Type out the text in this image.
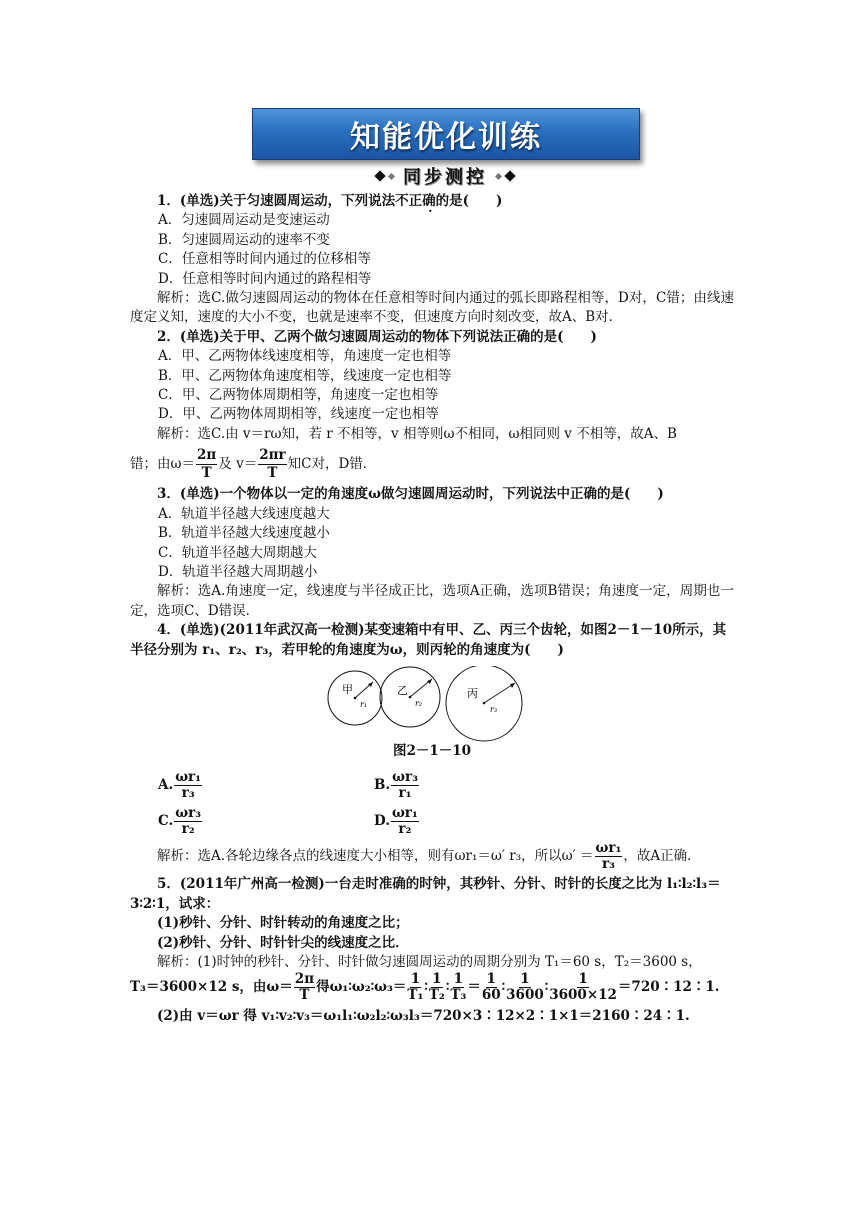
知能优化训练
同步测控

1．(单选)关于匀速圆周运动，下列说法不 ·正确的是(　　)

A．匀速圆周运动是变速运动

B．匀速圆周运动的速率不变

C．任意相等时间内通过的位移相等

D．任意相等时间内通过的路程相等

解析：选C.做匀速圆周运动的物体在任意相等时间内通过的弧长即路程相等，D对，C错；由线速度定义知，速度的大小不变，也就是速率不变，但速度方向时刻改变，故A、B对．

2．(单选)关于甲、乙两个做匀速圆周运动的物体下列说法正确的是(　　)

A．甲、乙两物体线速度相等，角速度一定也相等

B．甲、乙两物体角速度相等，线速度一定也相等

C．甲、乙两物体周期相等，角速度一定也相等

D．甲、乙两物体周期相等，线速度一定也相等

解析：选C.由 v＝rω知，若 r 不相等，v 相等则ω不相同，ω相同则 v 不相等，故A、B

错；由$\omega= \frac{2\pi}{T}$ 及 $v= \frac{2\pi r}{T}$ 知C对，D错．

3．(单选)一个物体以一定的角速度ω做匀速圆周运动时，下列说法中正确的是(　　)

A．轨道半径越大线速度越大

B．轨道半径越大线速度越小

C．轨道半径越大周期越大

D．轨道半径越大周期越小

解析：选A.角速度一定，线速度与半径成正比，选项A正确，选项B错误；角速度一定，周期也一定，选项C、D错误．

4．(单选)(2011年武汉高一检测)某变速箱中有甲、乙、丙三个齿轮，如图2－1－10所示，其半径分别为 r₁、r₂、r₃，若甲轮的角速度为ω，则丙轮的角速度为(　　)

甲
r₁
乙
r₂
丙
r₃

图2－1－10

A. $\frac{\text{ωr₁}}{\text{r₃}}$	B. $\frac{\text{ωr₃}}{\text{r₁}}$
C. $\frac{\text{ωr₃}}{\text{r₂}}$	D. $\frac{\text{ωr₁}}{\text{r₂}}$

解析：选A.各轮边缘各点的线速度大小相等，则有ωr₁＝ω′ r₃，所以$\omega' = \frac{\text{ωr₁}}{\text{r₃}}$ ，故A正确．

5．(2011年广州高一检测)一台走时准确的时钟，其秒针、分针、时针的长度之比为 l₁∶l₂∶l₃＝3∶2∶1，试求：

(1)秒针、分针、时针转动的角速度之比；

(2)秒针、分针、时针针尖的线速度之比．

解析：(1)时钟的秒针、分针、时针做匀速圆周运动的周期分别为 T₁＝60 s，T₂＝3600 s，

T₃＝3600×12 s，由$\omega= \frac{2\pi}{T}$ 得ω₁∶ω₂∶ω₃＝ $\frac{1}{\text{T₁}}$ ∶ $\frac{1}{\text{T₂}}$ ∶ $\frac{1}{\text{T₃}} = \frac{1}{60}$ ∶ $\frac{1}{3600}$ ∶ $\frac{1}{3600\times 12}$ ＝720∶12∶1.

(2)由 v＝ωr 得 v₁∶v₂∶v₃＝ω₁l₁∶ω₂l₂∶ω₃l₃＝720×3∶12×2∶1×1＝2160∶24∶1.
